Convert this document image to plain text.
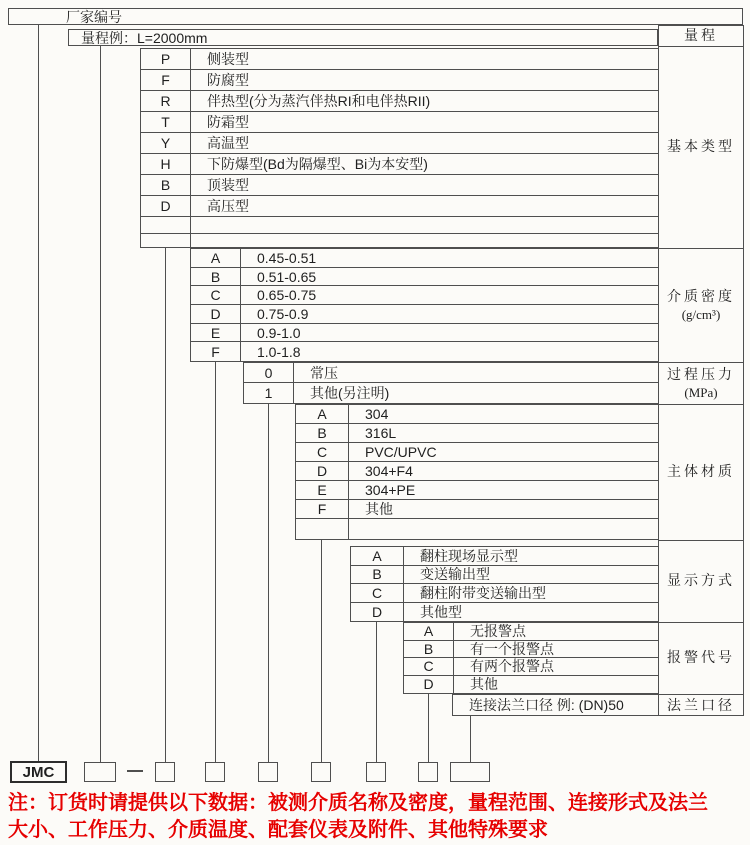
厂家编号
量程例：L=2000mm
P	侧装型
F	防腐型
R	伴热型(分为蒸汽伴热RI和电伴热RII)
T	防霜型
Y	高温型
H	下防爆型(Bd为隔爆型、Bi为本安型)
B	顶装型
D	高压型
A	0.45-0.51
B	0.51-0.65
C	0.65-0.75
D	0.75-0.9
E	0.9-1.0
F	1.0-1.8
0	常压
1	其他(另注明)
A	304
B	316L
C	PVC/UPVC
D	304+F4
E	304+PE
F	其他
A	翻柱现场显示型
B	变送输出型
C	翻柱附带变送输出型
D	其他型
A	无报警点
B	有一个报警点
C	有两个报警点
D	其他
连接法兰口径 例: (DN)50
量程
基本类型
介质密度
(g/cm³)
过程压力
(MPa)
主体材质
显示方式
报警代号
法兰口径
JMC
注：订货时请提供以下数据：被测介质名称及密度，量程范围、连接形式及法兰
大小、工作压力、介质温度、配套仪表及附件、其他特殊要求
